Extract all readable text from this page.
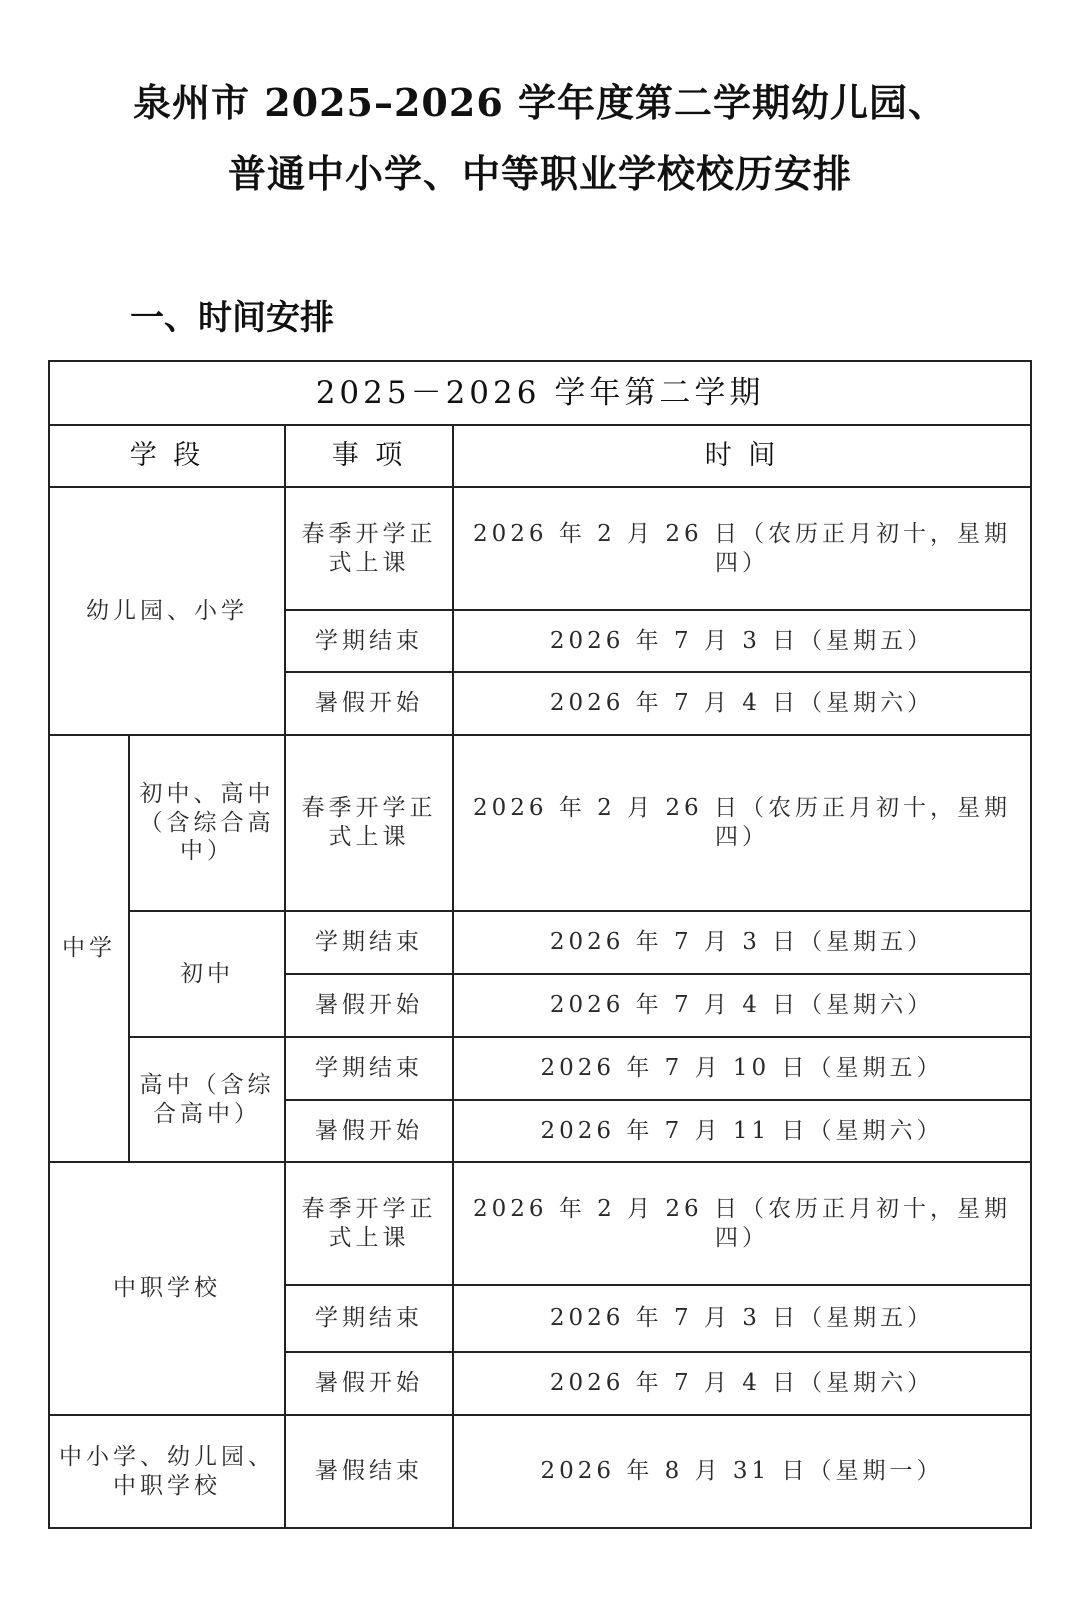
泉州市 2025–2026 学年度第二学期幼儿园、
普通中小学、中等职业学校校历安排
一、时间安排
2025－2026 学年第二学期			
学 段		事 项	时 间
幼儿园、小学		春季开学正式上课	2026 年 2 月 26 日（农历正月初十，星期四）
		学期结束	2026 年 7 月 3 日（星期五）
		暑假开始	2026 年 7 月 4 日（星期六）
中学	初中、高中（含综合高中）	春季开学正式上课	2026 年 2 月 26 日（农历正月初十，星期四）
	初中	学期结束	2026 年 7 月 3 日（星期五）
		暑假开始	2026 年 7 月 4 日（星期六）
	高中（含综合高中）	学期结束	2026 年 7 月 10 日（星期五）
		暑假开始	2026 年 7 月 11 日（星期六）
中职学校		春季开学正式上课	2026 年 2 月 26 日（农历正月初十，星期四）
		学期结束	2026 年 7 月 3 日（星期五）
		暑假开始	2026 年 7 月 4 日（星期六）
中小学、幼儿园、中职学校		暑假结束	2026 年 8 月 31 日（星期一）
